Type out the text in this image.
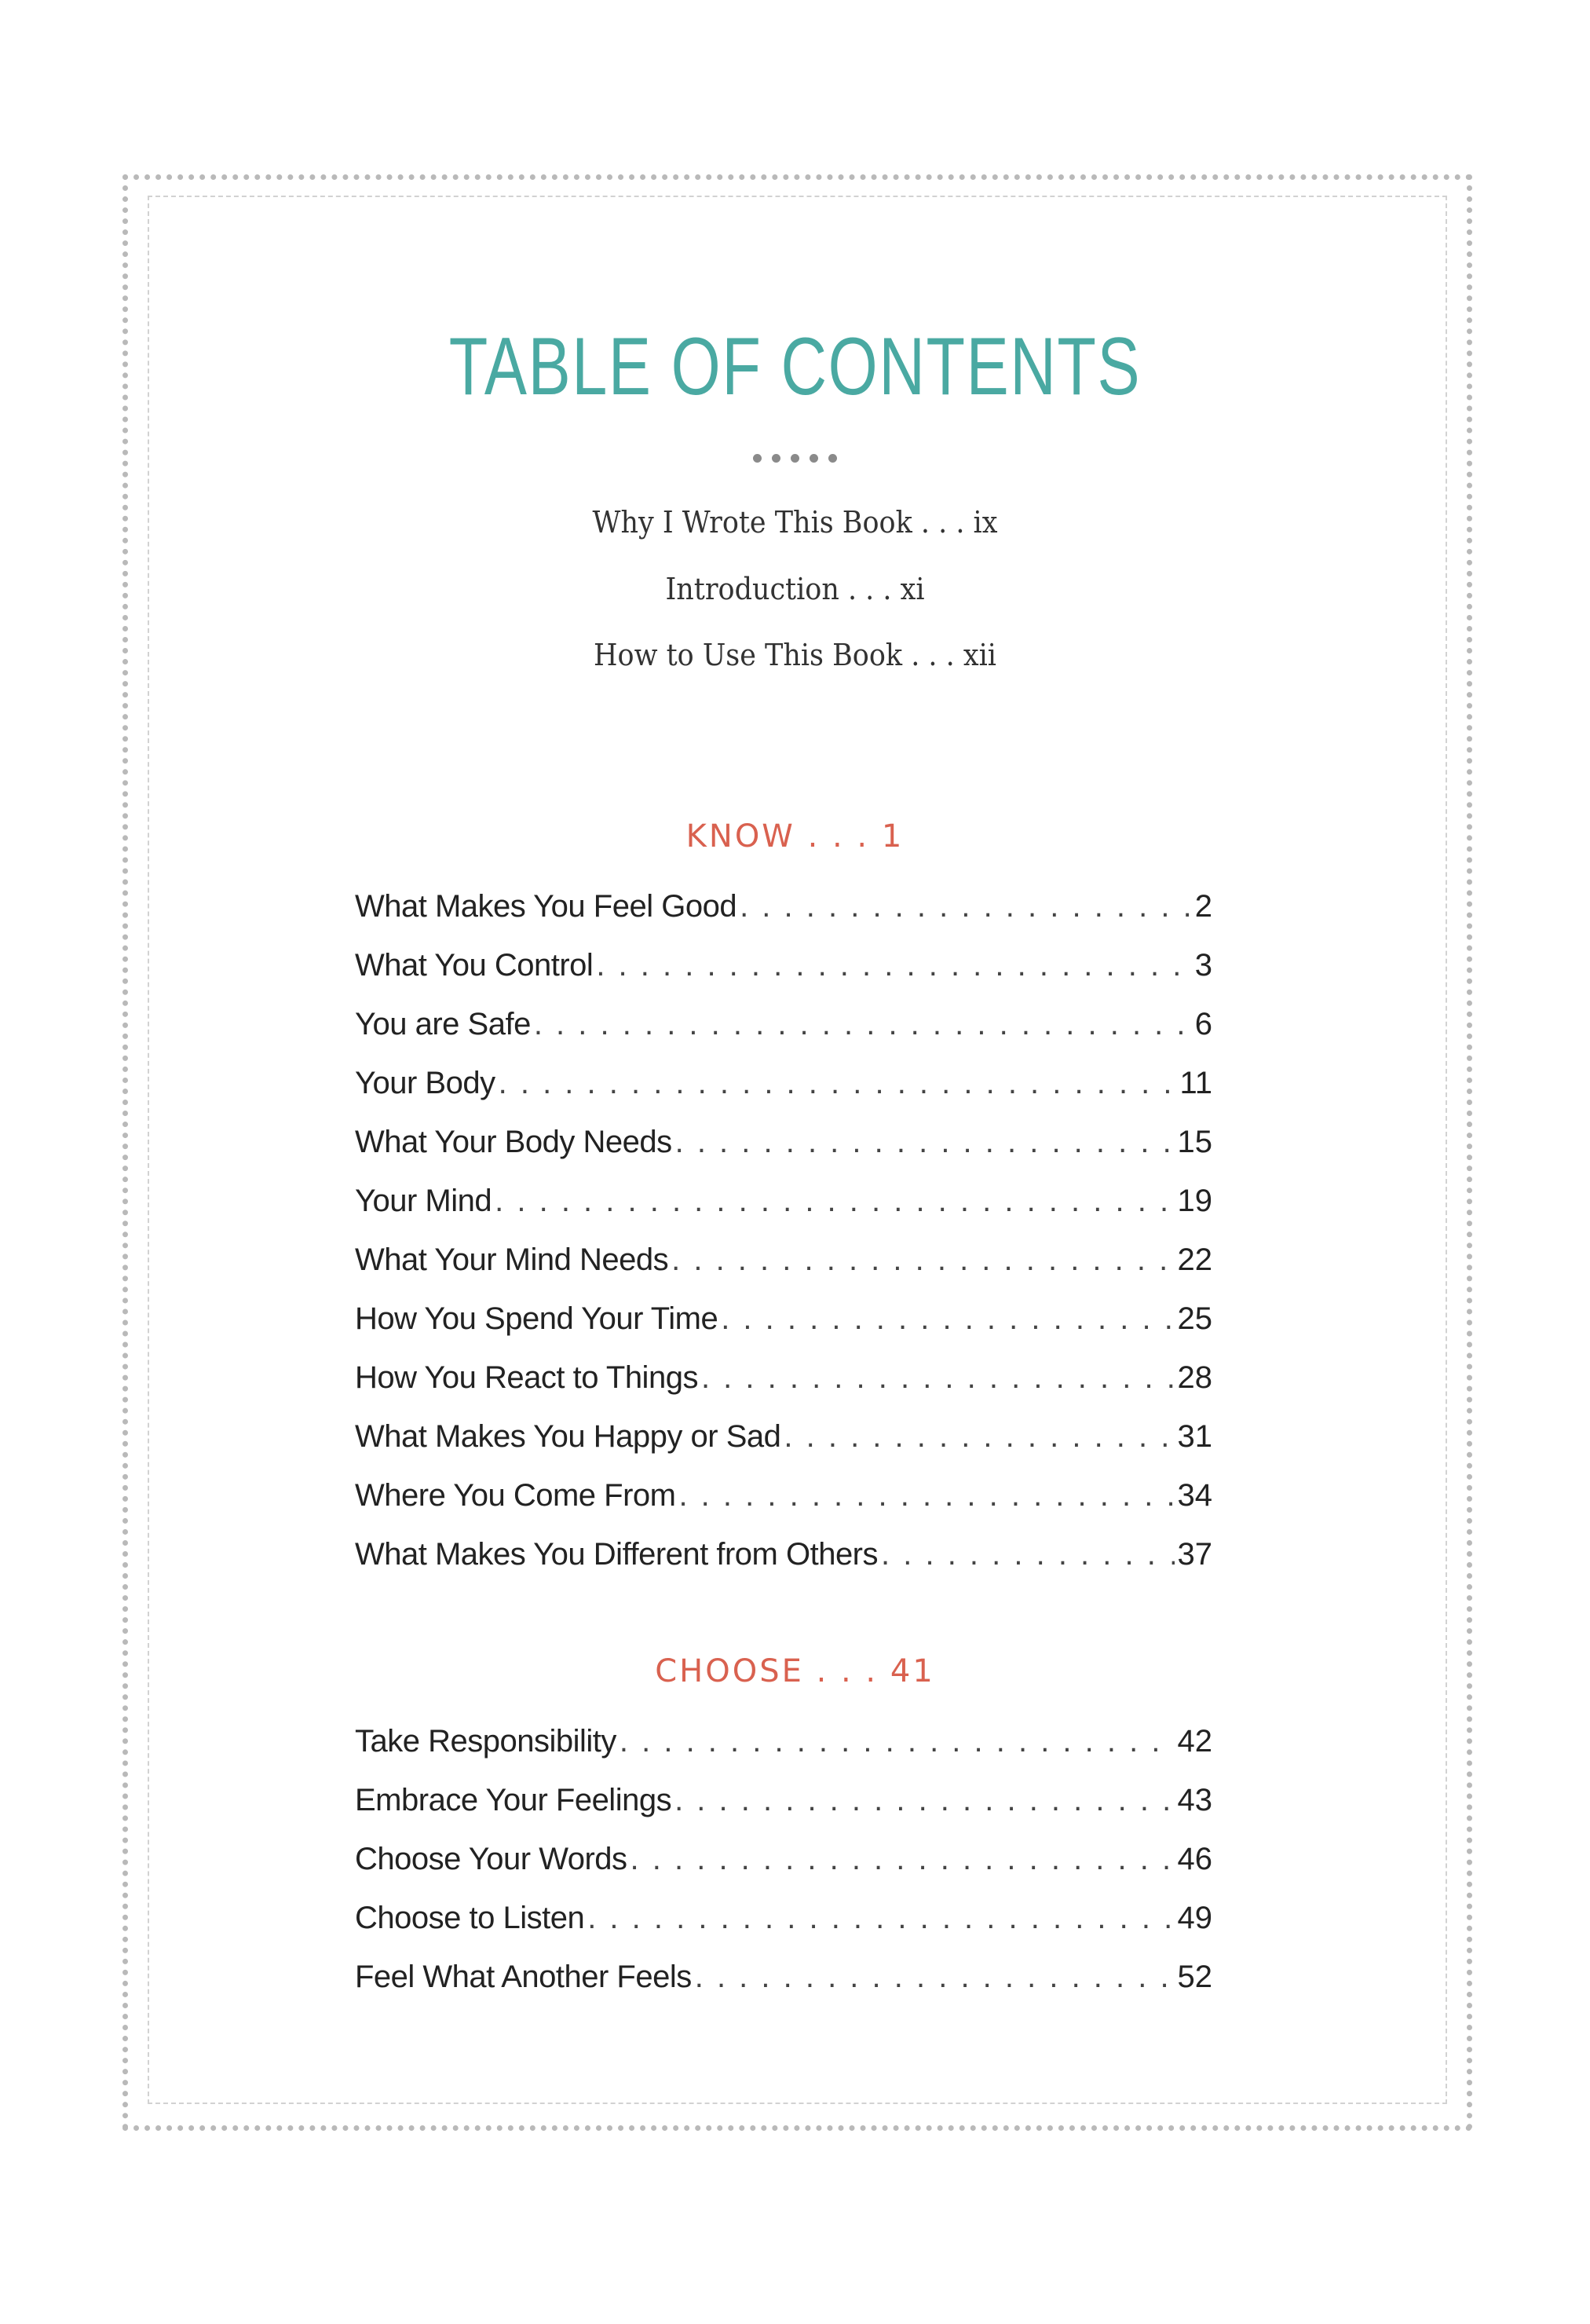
TABLE OF CONTENTS
Why I Wrote This Book . . . ix
Introduction . . . xi
How to Use This Book . . . xii
KNOW . . . 1
What Makes You Feel Good . . .	2
What You Control . . .	3
You are Safe . . .	6
Your Body . . .	11
What Your Body Needs . . .	15
Your Mind . . .	19
What Your Mind Needs . . .	22
How You Spend Your Time . . .	25
How You React to Things . . .	28
What Makes You Happy or Sad . . .	31
Where You Come From . . .	34
What Makes You Different from Others . . .	37
CHOOSE . . . 41
Take Responsibility . . .	42
Embrace Your Feelings . . .	43
Choose Your Words . . .	46
Choose to Listen . . .	49
Feel What Another Feels . . .	52
